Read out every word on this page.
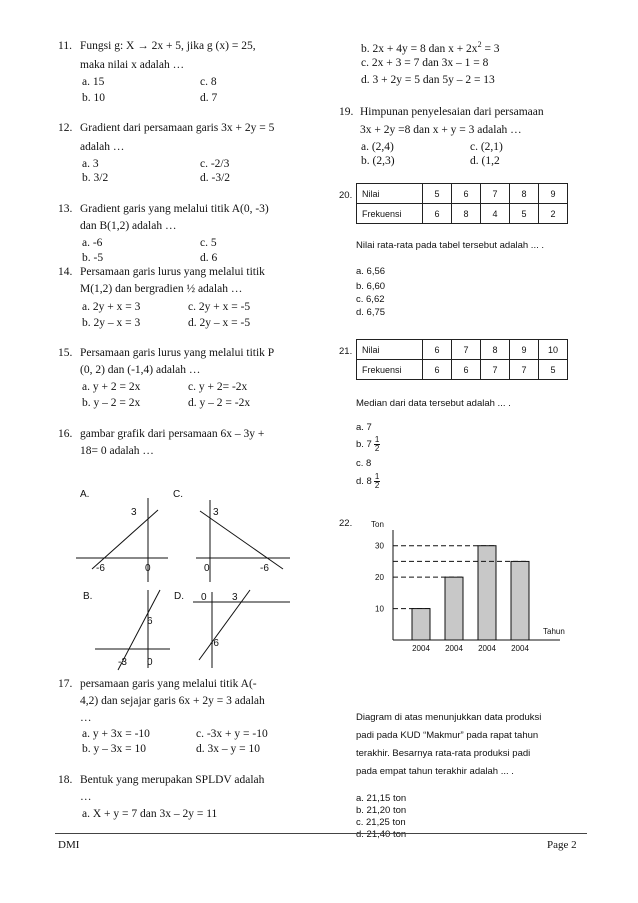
11. Fungsi g: X → 2x + 5, jika g (x) = 25,
maka nilai x adalah …
a. 15
b. 10
c. 8
d. 7
12. Gradient dari persamaan garis 3x + 2y = 5
adalah …
a. 3
b. 3/2
c. -2/3
d. -3/2
13. Gradient garis yang melalui titik A(0, -3)
dan B(1,2) adalah …
a. -6
b. -5
c. 5
d. 6
14. Persamaan garis lurus yang melalui titik
M(1,2) dan bergradien ½ adalah …
a. 2y + x = 3
b. 2y – x = 3
c. 2y + x = -5
d. 2y – x = -5
15. Persamaan garis lurus yang melalui titik P
(0, 2) dan (-1,4) adalah …
a. y + 2 = 2x
b. y – 2 = 2x
c. y + 2= -2x
d. y – 2 = -2x
16. gambar grafik dari persamaan 6x – 3y +
18= 0 adalah …
A.
3
-6	0
C.
3
0	-6
B.
6
-3 0
D. 0	3
-6
17. persamaan garis yang melalui titik A(-
4,2) dan sejajar garis 6x + 2y = 3 adalah
…
a. y + 3x = -10
b. y – 3x = 10
c. -3x + y = -10
d. 3x – y = 10
18. Bentuk yang merupakan SPLDV adalah
…
a. X + y = 7 dan 3x – 2y = 11
b. 2x + 4y = 8 dan $x + 2x^2 = 3$
c. 2x + 3 = 7 dan 3x – 1 = 8
d. 3 + 2y = 5 dan 5y – 2 = 13
19. Himpunan penyelesaian dari persamaan
3x + 2y =8 dan x + y = 3 adalah …
a. (2,4)
b. (2,3)
c. (2,1)
d. (1,2
20. Nilai	5	6	7	8	9
Frekuensi	6	8	4	5	2
Nilai rata-rata pada tabel tersebut adalah ... .
a. 6,56
b. 6,60
c. 6,62
d. 6,75
21. Nilai	6	7	8	9	10
Frekuensi	6	6	7	7	5
Median dari data tersebut adalah ... .
a. 7
b. $7 \frac{1}{2}$
c. 8
d. $8 \frac{1}{2}$
22. Ton
Tahun
10
20
30
2004 2004 2004 2004
Diagram di atas menunjukkan data produksi
padi pada KUD “Makmur” pada rapat tahun
terakhir. Besarnya rata-rata produksi padi
pada empat tahun terakhir adalah ... .
a. 21,15 ton
b. 21,20 ton
c. 21,25 ton
d. 21,40 ton
DMI	Page 2
